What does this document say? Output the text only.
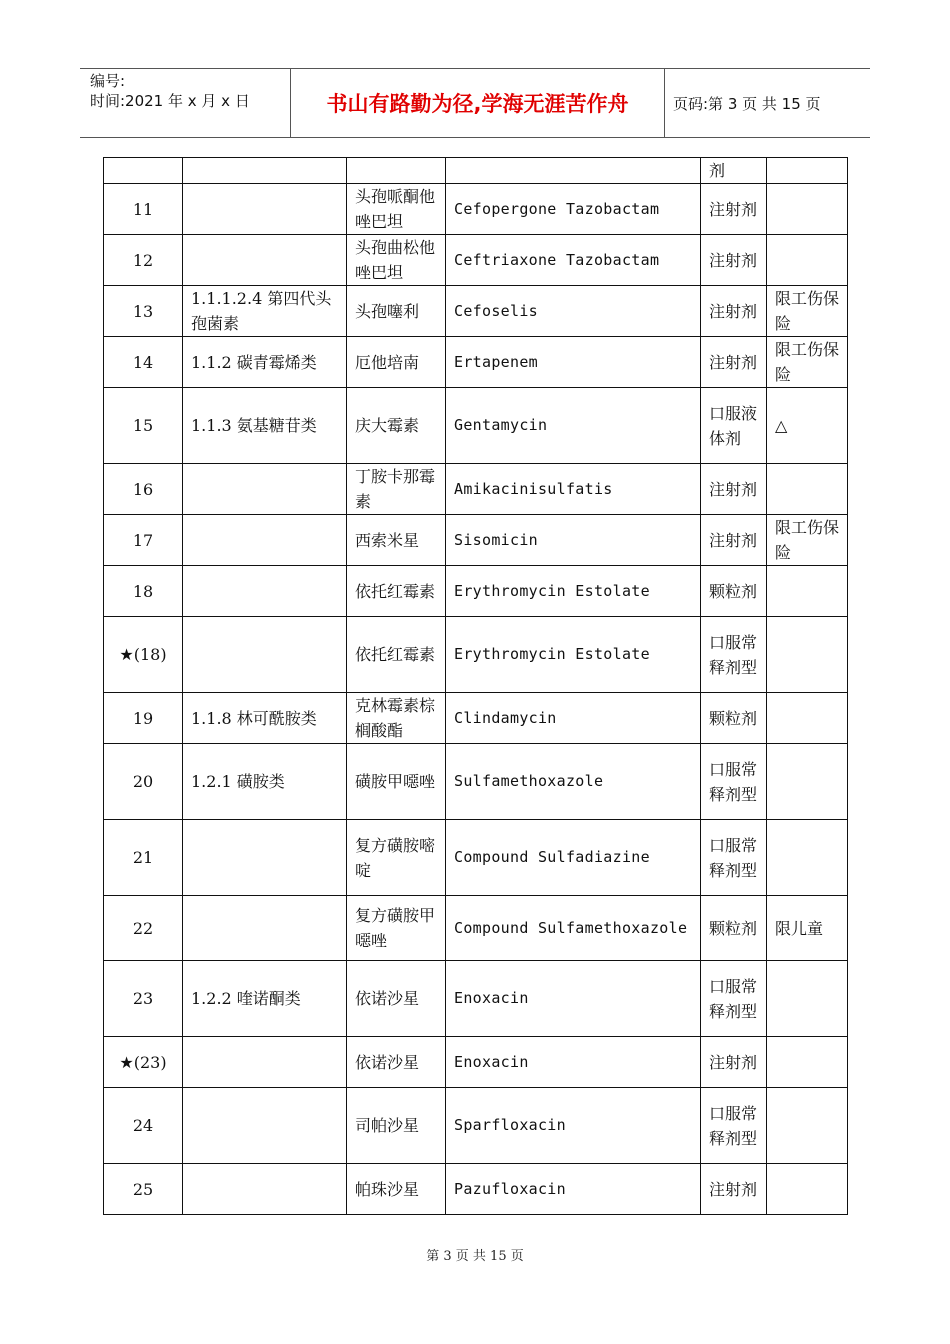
编号:
时间:2021 年 x 月 x 日	书山有路勤为径,学海无涯苦作舟	页码:第 3 页 共 15 页
				剂	
11		头孢哌酮他唑巴坦	Cefopergone Tazobactam	注射剂	
12		头孢曲松他唑巴坦	Ceftriaxone Tazobactam	注射剂	
13	1.1.1.2.4 第四代头孢菌素	头孢噻利	Cefoselis	注射剂	限工伤保险
14	1.1.2 碳青霉烯类	厄他培南	Ertapenem	注射剂	限工伤保险
15	1.1.3 氨基糖苷类	庆大霉素	Gentamycin	口服液体剂	△
16		丁胺卡那霉素	Amikacinisulfatis	注射剂	
17		西索米星	Sisomicin	注射剂	限工伤保险
18		依托红霉素	Erythromycin Estolate	颗粒剂	
★(18)		依托红霉素	Erythromycin Estolate	口服常释剂型	
19	1.1.8 林可酰胺类	克林霉素棕榈酸酯	Clindamycin	颗粒剂	
20	1.2.1 磺胺类	磺胺甲噁唑	Sulfamethoxazole	口服常释剂型	
21		复方磺胺嘧啶	Compound Sulfadiazine	口服常释剂型	
22		复方磺胺甲噁唑	Compound Sulfamethoxazole	颗粒剂	限儿童
23	1.2.2 喹诺酮类	依诺沙星	Enoxacin	口服常释剂型	
★(23)		依诺沙星	Enoxacin	注射剂	
24		司帕沙星	Sparfloxacin	口服常释剂型	
25		帕珠沙星	Pazufloxacin	注射剂	
第 3 页 共 15 页
